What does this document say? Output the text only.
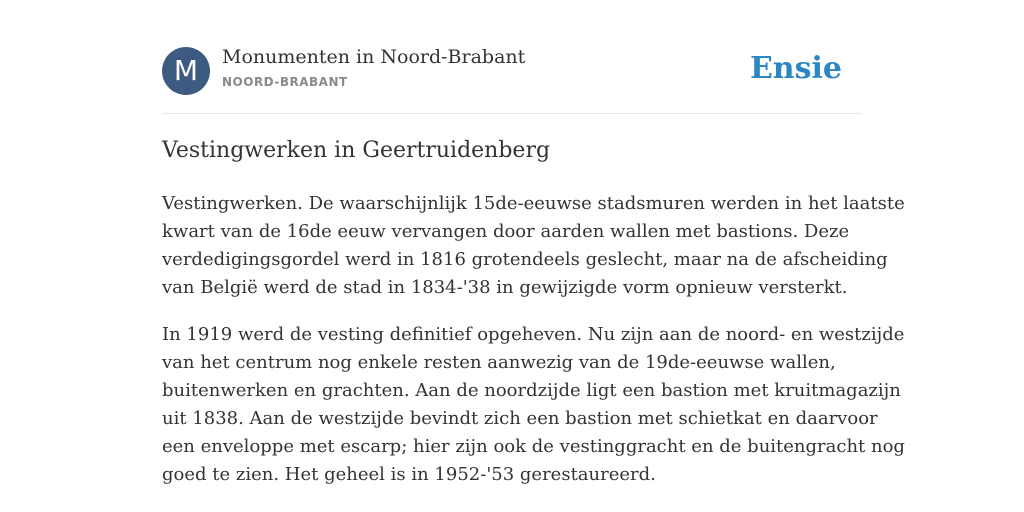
M	Monumenten in Noord-Brabant
NOORD-BRABANT	Ensie
Vestingwerken in Geertruidenberg

Vestingwerken. De waarschijnlijk 15de-eeuwse stadsmuren werden in het laatste
kwart van de 16de eeuw vervangen door aarden wallen met bastions. Deze
verdedigingsgordel werd in 1816 grotendeels geslecht, maar na de afscheiding
van België werd de stad in 1834-'38 in gewijzigde vorm opnieuw versterkt.

In 1919 werd de vesting definitief opgeheven. Nu zijn aan de noord- en westzijde
van het centrum nog enkele resten aanwezig van de 19de-eeuwse wallen,
buitenwerken en grachten. Aan de noordzijde ligt een bastion met kruitmagazijn
uit 1838. Aan de westzijde bevindt zich een bastion met schietkat en daarvoor
een enveloppe met escarp; hier zijn ook de vestinggracht en de buitengracht nog
goed te zien. Het geheel is in 1952-'53 gerestaureerd.
